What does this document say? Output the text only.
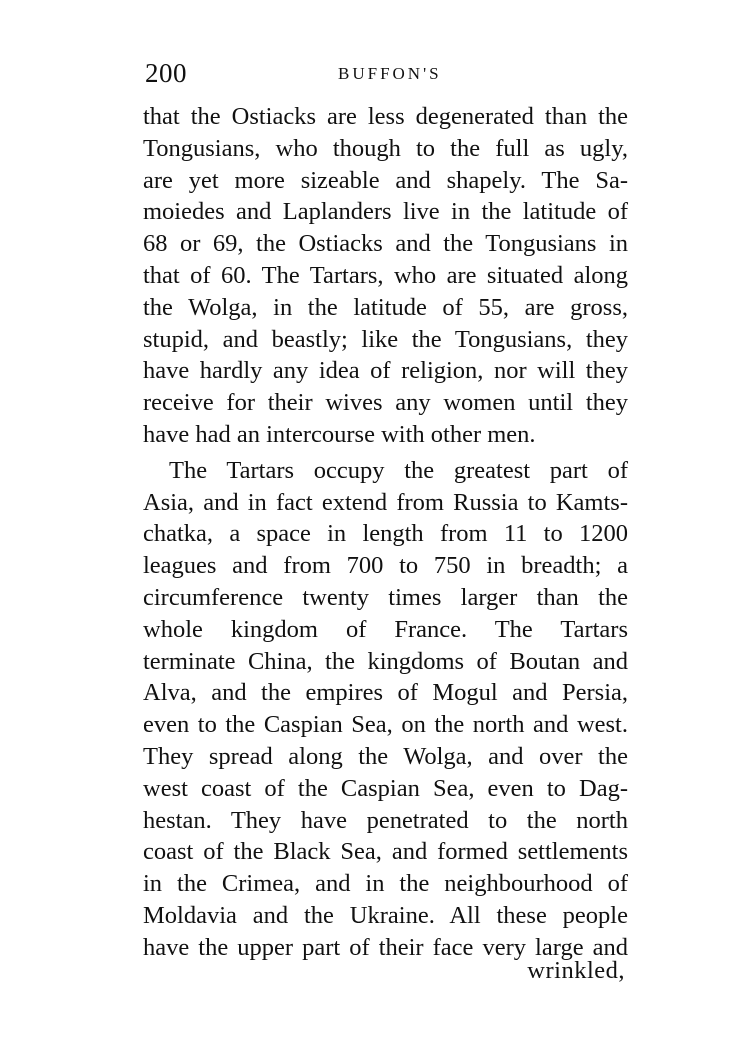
200	BUFFON'S
that the Ostiacks are less degenerated than the
Tongusians, who though to the full as ugly,
are yet more sizeable and shapely. The Sa-
moiedes and Laplanders live in the latitude of
68 or 69, the Ostiacks and the Tongusians in
that of 60. The Tartars, who are situated along
the Wolga, in the latitude of 55, are gross,
stupid, and beastly; like the Tongusians, they
have hardly any idea of religion, nor will they
receive for their wives any women until they
have had an intercourse with other men.
The Tartars occupy the greatest part of
Asia, and in fact extend from Russia to Kamts-
chatka, a space in length from 11 to 1200
leagues and from 700 to 750 in breadth; a
circumference twenty times larger than the
whole kingdom of France. The Tartars
terminate China, the kingdoms of Boutan and
Alva, and the empires of Mogul and Persia,
even to the Caspian Sea, on the north and west.
They spread along the Wolga, and over the
west coast of the Caspian Sea, even to Dag-
hestan. They have penetrated to the north
coast of the Black Sea, and formed settlements
in the Crimea, and in the neighbourhood of
Moldavia and the Ukraine. All these people
have the upper part of their face very large and
wrinkled,
